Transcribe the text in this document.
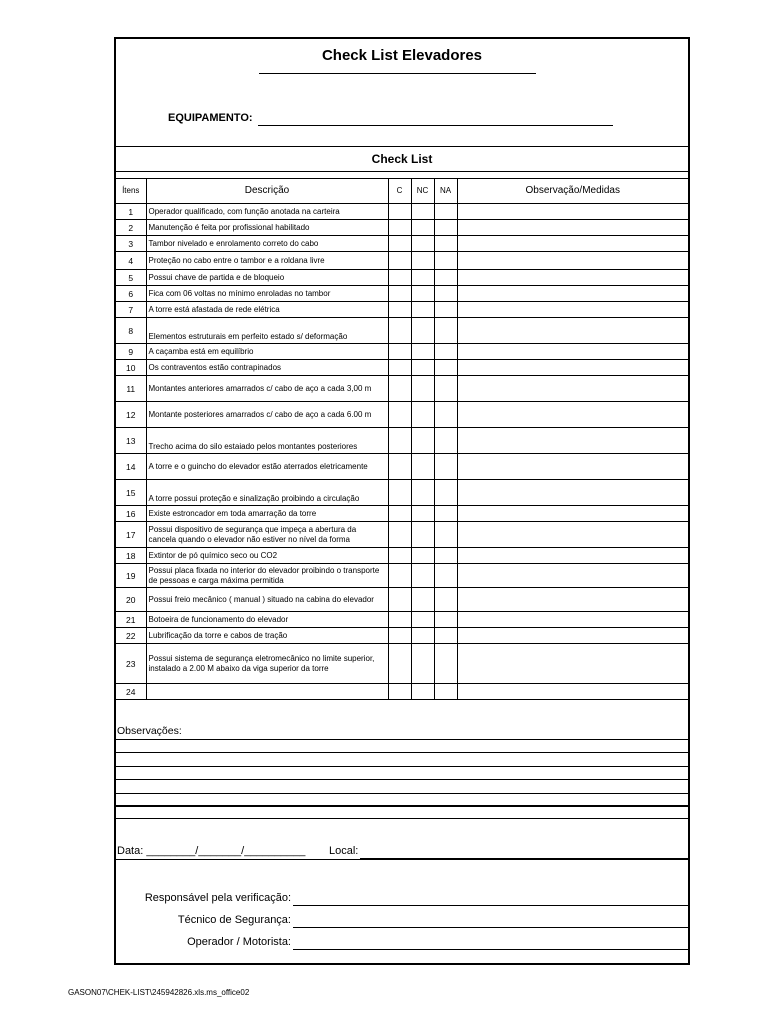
Check List Elevadores
EQUIPAMENTO:
Check List
Ítens	Descrição	C	NC	NA	Observação/Medidas
1	Operador qualificado, com função anotada na carteira				
2	Manutenção é feita por profissional habilitado				
3	Tambor nivelado e enrolamento correto do cabo				
4	Proteção no cabo entre o tambor e a roldana livre				
5	Possui chave de partida e de bloqueio				
6	Fica com 06 voltas no mínimo enroladas no tambor				
7	A torre está afastada de rede elétrica				
8	Elementos estruturais em perfeito estado s/ deformação				
9	A caçamba está em equilíbrio				
10	Os contraventos estão contrapinados				
11	Montantes anteriores amarrados c/ cabo de aço a cada 3,00 m				
12	Montante posteriores amarrados c/ cabo de aço a cada 6.00 m				
13	Trecho acima do silo estaiado pelos montantes posteriores				
14	A torre e o guincho do elevador estão aterrados eletricamente				
15	A torre possui proteção e sinalização proibindo a circulação				
16	Existe estroncador em toda amarração da torre				
17	Possui dispositivo de segurança que impeça a abertura da cancela quando o elevador não estiver no nível da forma				
18	Extintor de pó químico seco ou CO2				
19	Possui placa fixada no interior do elevador proibindo o transporte de pessoas e carga máxima permitida				
20	Possui freio mecânico ( manual ) situado na cabina do elevador				
21	Botoeira de funcionamento do elevador				
22	Lubrificação da torre e cabos de tração				
23	Possui sistema de segurança eletromecânico no limite superior, instalado a 2.00 M abaixo da viga superior da torre				
24					
Observações:
Data: ________/_______/__________ Local:
Responsável pela verificação:
Técnico de Segurança:
Operador / Motorista:
GASON07\CHEK-LIST\245942826.xls.ms_office02
